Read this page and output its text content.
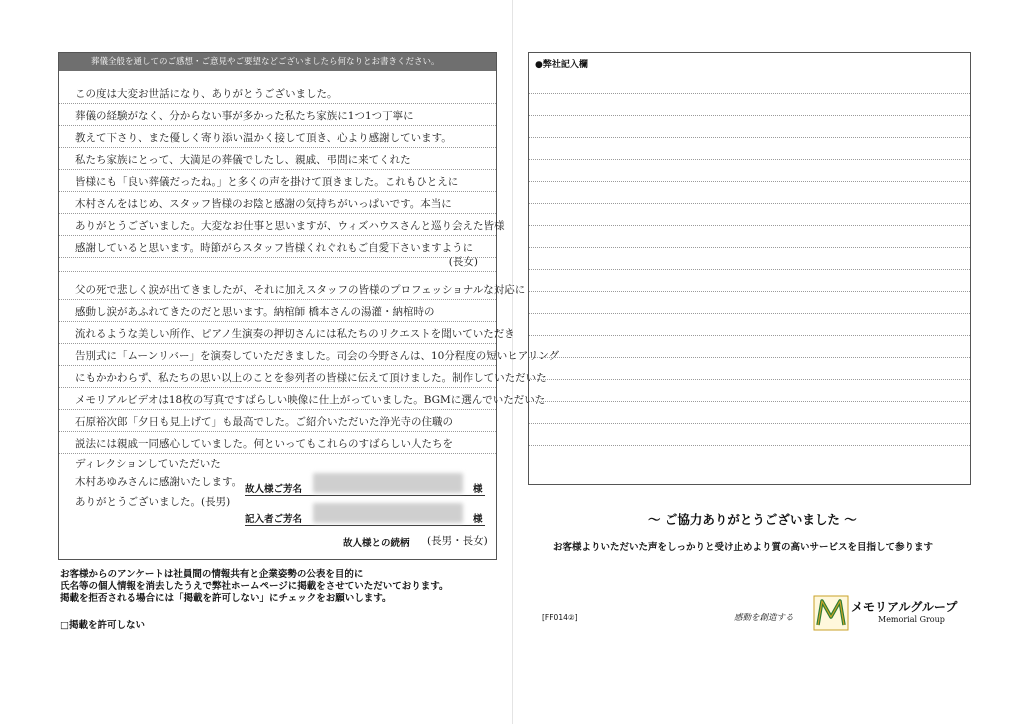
葬儀全般を通してのご感想・ご意見やご要望などございましたら何なりとお書きください。
この度は大変お世話になり、ありがとうございました。
葬儀の経験がなく、分からない事が多かった私たち家族に1つ1つ丁寧に
教えて下さり、また優しく寄り添い温かく接して頂き、心より感謝しています。
私たち家族にとって、大満足の葬儀でしたし、親戚、弔問に来てくれた
皆様にも「良い葬儀だったね。」と多くの声を掛けて頂きました。これもひとえに
木村さんをはじめ、スタッフ皆様のお陰と感謝の気持ちがいっぱいです。本当に
ありがとうございました。大変なお仕事と思いますが、ウィズハウスさんと巡り会えた皆様
感謝していると思います。時節がらスタッフ皆様くれぐれもご自愛下さいますように
(長女)
父の死で悲しく涙が出てきましたが、それに加えスタッフの皆様のプロフェッショナルな対応に
感動し涙があふれてきたのだと思います。納棺師 橋本さんの湯灌・納棺時の
流れるような美しい所作、ピアノ生演奏の押切さんには私たちのリクエストを聞いていただき
告別式に「ムーンリバー」を演奏していただきました。司会の今野さんは、10分程度の短いヒアリング
にもかかわらず、私たちの思い以上のことを参列者の皆様に伝えて頂けました。制作していただいた
メモリアルビデオは18枚の写真ですばらしい映像に仕上がっていました。BGMに選んでいただいた
石原裕次郎「夕日も見上げて」も最高でした。ご紹介いただいた浄光寺の住職の
説法には親戚一同感心していました。何といってもこれらのすばらしい人たちを
ディレクションしていただいた
木村あゆみさんに感謝いたします。
ありがとうございました。(長男)
故人様ご芳名	様
記入者ご芳名	様
故人様との続柄 (長男・長女)
お客様からのアンケートは社員間の情報共有と企業姿勢の公表を目的に
氏名等の個人情報を消去したうえで弊社ホームページに掲載をさせていただいております。
掲載を拒否される場合には「掲載を許可しない」にチェックをお願いします。
□掲載を許可しない
●弊社記入欄
〜 ご協力ありがとうございました 〜
お客様よりいただいた声をしっかりと受け止めより質の高いサービスを目指して参ります
[FF014②]	感動を創造する
メモリアルグループ
Memorial Group
